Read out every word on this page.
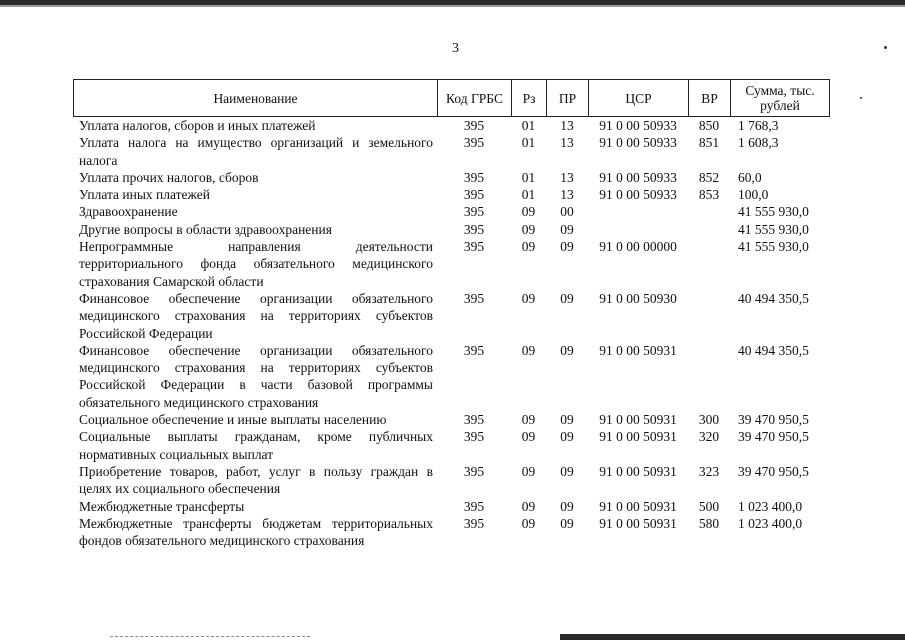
3
Наименование	Код ГРБС	Рз	ПР	ЦСР	ВР	Сумма, тыс. рублей
Уплата налогов, сборов и иных платежей	395	01	13	91 0 00 50933	850	1 768,3
Уплата налога на имущество организаций и земельного налога	395	01	13	91 0 00 50933	851	1 608,3
Уплата прочих налогов, сборов	395	01	13	91 0 00 50933	852	60,0
Уплата иных платежей	395	01	13	91 0 00 50933	853	100,0
Здравоохранение	395	09	00			41 555 930,0
Другие вопросы в области здравоохранения	395	09	09			41 555 930,0
Непрограммные направления деятельности территориального фонда обязательного медицинского страхования Самарской области	395	09	09	91 0 00 00000		41 555 930,0
Финансовое обеспечение организации обязательного медицинского страхования на территориях субъектов Российской Федерации	395	09	09	91 0 00 50930		40 494 350,5
Финансовое обеспечение организации обязательного медицинского страхования на территориях субъектов Российской Федерации в части базовой программы обязательного медицинского страхования	395	09	09	91 0 00 50931		40 494 350,5
Социальное обеспечение и иные выплаты населению	395	09	09	91 0 00 50931	300	39 470 950,5
Социальные выплаты гражданам, кроме публичных нормативных социальных выплат	395	09	09	91 0 00 50931	320	39 470 950,5
Приобретение товаров, работ, услуг в пользу граждан в целях их социального обеспечения	395	09	09	91 0 00 50931	323	39 470 950,5
Межбюджетные трансферты	395	09	09	91 0 00 50931	500	1 023 400,0
Межбюджетные трансферты бюджетам территориальных фондов обязательного медицинского страхования	395	09	09	91 0 00 50931	580	1 023 400,0
